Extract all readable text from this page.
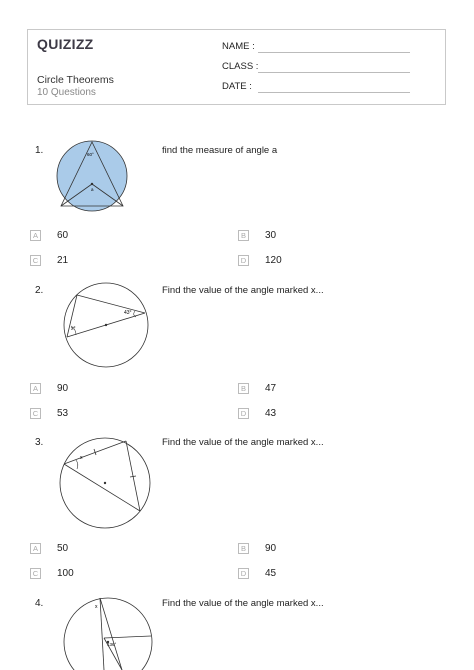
QUIZIZZ
Circle Theorems
10 Questions
NAME :
CLASS :
DATE :
1.	find the measure of angle a
60°
a
A	60	B	30
C 21	D 120
2.	Find the value of the angle marked x...
43°
x°
A	90	B	47
C 53	D 43
3.	Find the value of the angle marked x...
x
A	50	B	90
C 100	D 45
4.	Find the value of the angle marked x...
x
136°
